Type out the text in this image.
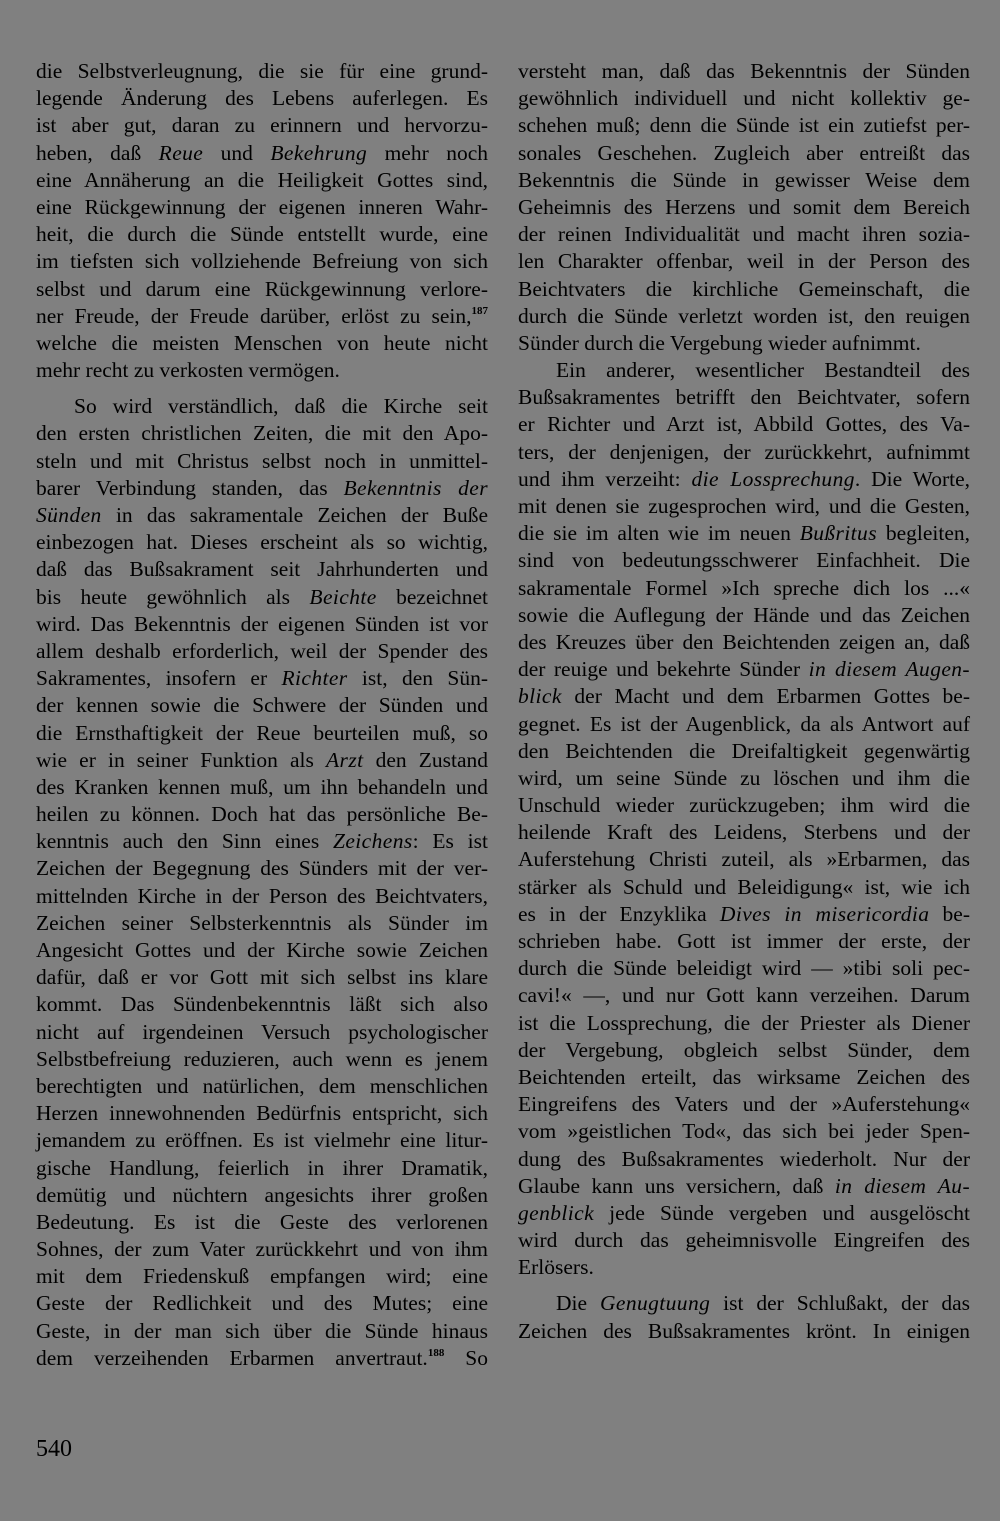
die Selbstverleugnung, die sie für eine grund-
legende Änderung des Lebens auferlegen. Es
ist aber gut, daran zu erinnern und hervorzu-
heben, daß Reue und Bekehrung mehr noch
eine Annäherung an die Heiligkeit Gottes sind,
eine Rückgewinnung der eigenen inneren Wahr-
heit, die durch die Sünde entstellt wurde, eine
im tiefsten sich vollziehende Befreiung von sich
selbst und darum eine Rückgewinnung verlore-
ner Freude, der Freude darüber, erlöst zu sein,$^{187}$
welche die meisten Menschen von heute nicht
mehr recht zu verkosten vermögen.
So wird verständlich, daß die Kirche seit
den ersten christlichen Zeiten, die mit den Apo-
steln und mit Christus selbst noch in unmittel-
barer Verbindung standen, das Bekenntnis der
Sünden in das sakramentale Zeichen der Buße
einbezogen hat. Dieses erscheint als so wichtig,
daß das Bußsakrament seit Jahrhunderten und
bis heute gewöhnlich als Beichte bezeichnet
wird. Das Bekenntnis der eigenen Sünden ist vor
allem deshalb erforderlich, weil der Spender des
Sakramentes, insofern er Richter ist, den Sün-
der kennen sowie die Schwere der Sünden und
die Ernsthaftigkeit der Reue beurteilen muß, so
wie er in seiner Funktion als Arzt den Zustand
des Kranken kennen muß, um ihn behandeln und
heilen zu können. Doch hat das persönliche Be-
kenntnis auch den Sinn eines Zeichens: Es ist
Zeichen der Begegnung des Sünders mit der ver-
mittelnden Kirche in der Person des Beichtvaters,
Zeichen seiner Selbsterkenntnis als Sünder im
Angesicht Gottes und der Kirche sowie Zeichen
dafür, daß er vor Gott mit sich selbst ins klare
kommt. Das Sündenbekenntnis läßt sich also
nicht auf irgendeinen Versuch psychologischer
Selbstbefreiung reduzieren, auch wenn es jenem
berechtigten und natürlichen, dem menschlichen
Herzen innewohnenden Bedürfnis entspricht, sich
jemandem zu eröffnen. Es ist vielmehr eine litur-
gische Handlung, feierlich in ihrer Dramatik,
demütig und nüchtern angesichts ihrer großen
Bedeutung. Es ist die Geste des verlorenen
Sohnes, der zum Vater zurückkehrt und von ihm
mit dem Friedenskuß empfangen wird; eine
Geste der Redlichkeit und des Mutes; eine
Geste, in der man sich über die Sünde hinaus
dem verzeihenden Erbarmen anvertraut.$^{188}$ So
versteht man, daß das Bekenntnis der Sünden
gewöhnlich individuell und nicht kollektiv ge-
schehen muß; denn die Sünde ist ein zutiefst per-
sonales Geschehen. Zugleich aber entreißt das
Bekenntnis die Sünde in gewisser Weise dem
Geheimnis des Herzens und somit dem Bereich
der reinen Individualität und macht ihren sozia-
len Charakter offenbar, weil in der Person des
Beichtvaters die kirchliche Gemeinschaft, die
durch die Sünde verletzt worden ist, den reuigen
Sünder durch die Vergebung wieder aufnimmt.
Ein anderer, wesentlicher Bestandteil des
Bußsakramentes betrifft den Beichtvater, sofern
er Richter und Arzt ist, Abbild Gottes, des Va-
ters, der denjenigen, der zurückkehrt, aufnimmt
und ihm verzeiht: die Lossprechung. Die Worte,
mit denen sie zugesprochen wird, und die Gesten,
die sie im alten wie im neuen Bußritus begleiten,
sind von bedeutungsschwerer Einfachheit. Die
sakramentale Formel »Ich spreche dich los ...«
sowie die Auflegung der Hände und das Zeichen
des Kreuzes über den Beichtenden zeigen an, daß
der reuige und bekehrte Sünder in diesem Augen-
blick der Macht und dem Erbarmen Gottes be-
gegnet. Es ist der Augenblick, da als Antwort auf
den Beichtenden die Dreifaltigkeit gegenwärtig
wird, um seine Sünde zu löschen und ihm die
Unschuld wieder zurückzugeben; ihm wird die
heilende Kraft des Leidens, Sterbens und der
Auferstehung Christi zuteil, als »Erbarmen, das
stärker als Schuld und Beleidigung« ist, wie ich
es in der Enzyklika Dives in misericordia be-
schrieben habe. Gott ist immer der erste, der
durch die Sünde beleidigt wird — »tibi soli pec-
cavi!« —, und nur Gott kann verzeihen. Darum
ist die Lossprechung, die der Priester als Diener
der Vergebung, obgleich selbst Sünder, dem
Beichtenden erteilt, das wirksame Zeichen des
Eingreifens des Vaters und der »Auferstehung«
vom »geistlichen Tod«, das sich bei jeder Spen-
dung des Bußsakramentes wiederholt. Nur der
Glaube kann uns versichern, daß in diesem Au-
genblick jede Sünde vergeben und ausgelöscht
wird durch das geheimnisvolle Eingreifen des
Erlösers.
Die Genugtuung ist der Schlußakt, der das
Zeichen des Bußsakramentes krönt. In einigen
540
